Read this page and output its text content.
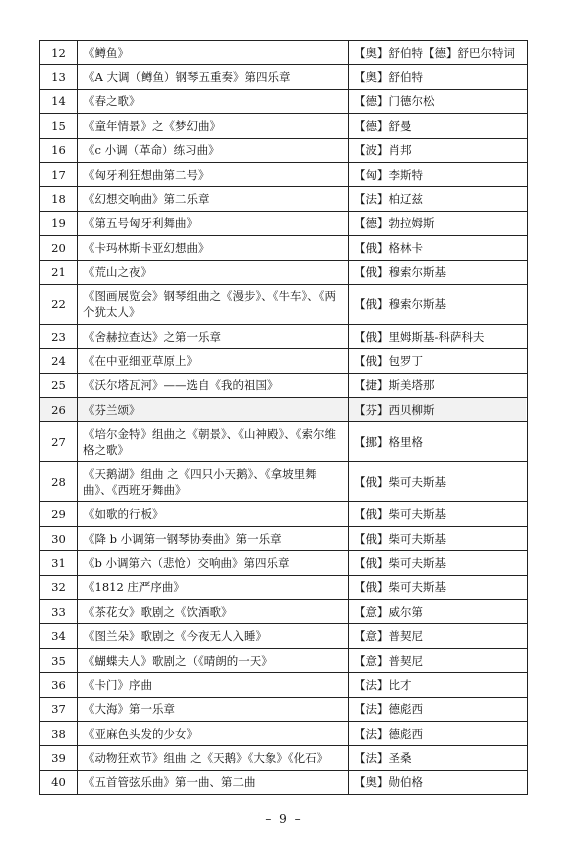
12	《鳟鱼》	【奥】舒伯特【德】舒巴尔特词
13	《A 大调（鳟鱼）钢琴五重奏》第四乐章	【奥】舒伯特
14	《春之歌》	【德】门德尔松
15	《童年情景》之《梦幻曲》	【德】舒曼
16	《c 小调（革命）练习曲》	【波】肖邦
17	《匈牙利狂想曲第二号》	【匈】李斯特
18	《幻想交响曲》第二乐章	【法】柏辽兹
19	《第五号匈牙利舞曲》	【德】勃拉姆斯
20	《卡玛林斯卡亚幻想曲》	【俄】格林卡
21	《荒山之夜》	【俄】穆索尔斯基
22	《图画展览会》钢琴组曲之《漫步》、《牛车》、《两个犹太人》	【俄】穆索尔斯基
23	《舍赫拉查达》之第一乐章	【俄】里姆斯基-科萨科夫
24	《在中亚细亚草原上》	【俄】包罗丁
25	《沃尔塔瓦河》——选自《我的祖国》	【捷】斯美塔那
26	《芬兰颂》	【芬】西贝柳斯
27	《培尔金特》组曲之《朝景》、《山神殿》、《索尔维格之歌》	【挪】格里格
28	《天鹅湖》组曲 之《四只小天鹅》、《拿坡里舞曲》、《西班牙舞曲》	【俄】柴可夫斯基
29	《如歌的行板》	【俄】柴可夫斯基
30	《降 b 小调第一钢琴协奏曲》第一乐章	【俄】柴可夫斯基
31	《b 小调第六（悲怆）交响曲》第四乐章	【俄】柴可夫斯基
32	《1812 庄严序曲》	【俄】柴可夫斯基
33	《茶花女》歌剧之《饮酒歌》	【意】威尔第
34	《图兰朵》歌剧之《今夜无人入睡》	【意】普契尼
35	《蝴蝶夫人》歌剧之（《晴朗的一天》	【意】普契尼
36	《卡门》序曲	【法】比才
37	《大海》第一乐章	【法】德彪西
38	《亚麻色头发的少女》	【法】德彪西
39	《动物狂欢节》组曲 之《天鹅》《大象》《化石》	【法】圣桑
40	《五首管弦乐曲》第一曲、第二曲	【奥】勋伯格
– 9 –
